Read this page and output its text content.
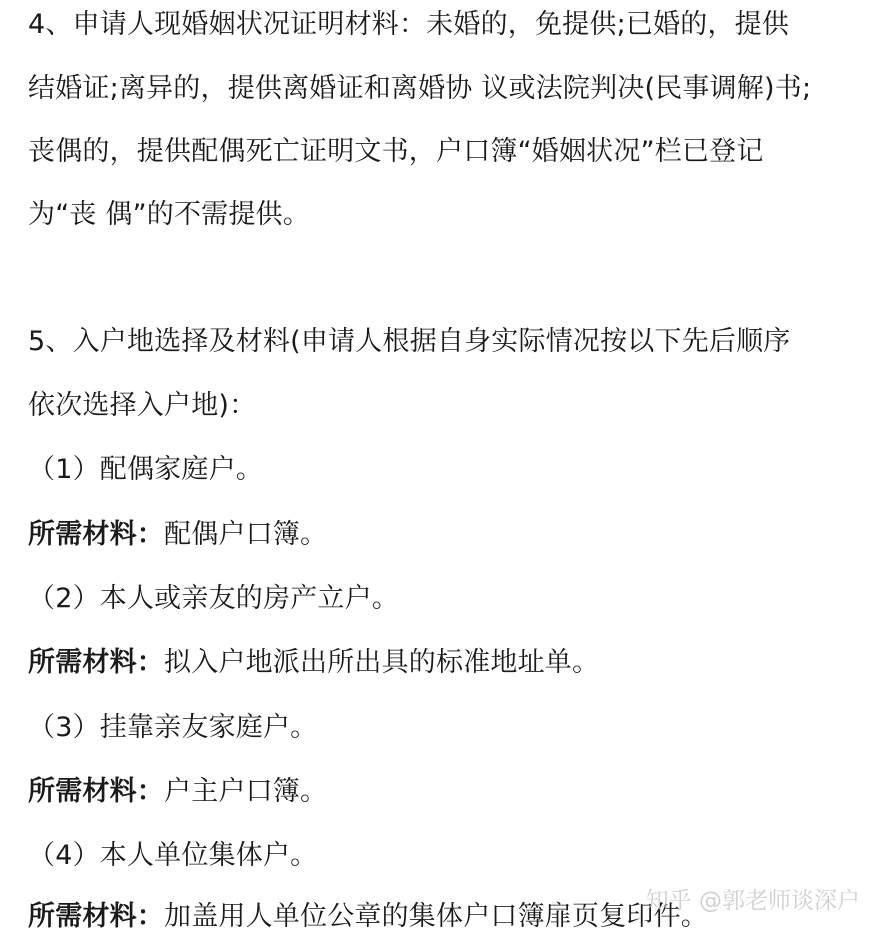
4、申请人现婚姻状况证明材料：未婚的，免提供;已婚的，提供
结婚证;离异的，提供离婚证和离婚协 议或法院判决(民事调解)书;
丧偶的，提供配偶死亡证明文书，户口簿“婚姻状况”栏已登记
为“丧 偶”的不需提供。
5、入户地选择及材料(申请人根据自身实际情况按以下先后顺序
依次选择入户地)：
（1）配偶家庭户。
所需材料：配偶户口簿。
（2）本人或亲友的房产立户。
所需材料：拟入户地派出所出具的标准地址单。
（3）挂靠亲友家庭户。
所需材料：户主户口簿。
（4）本人单位集体户。
所需材料：加盖用人单位公章的集体户口簿扉页复印件。
知乎 @郭老师谈深户
